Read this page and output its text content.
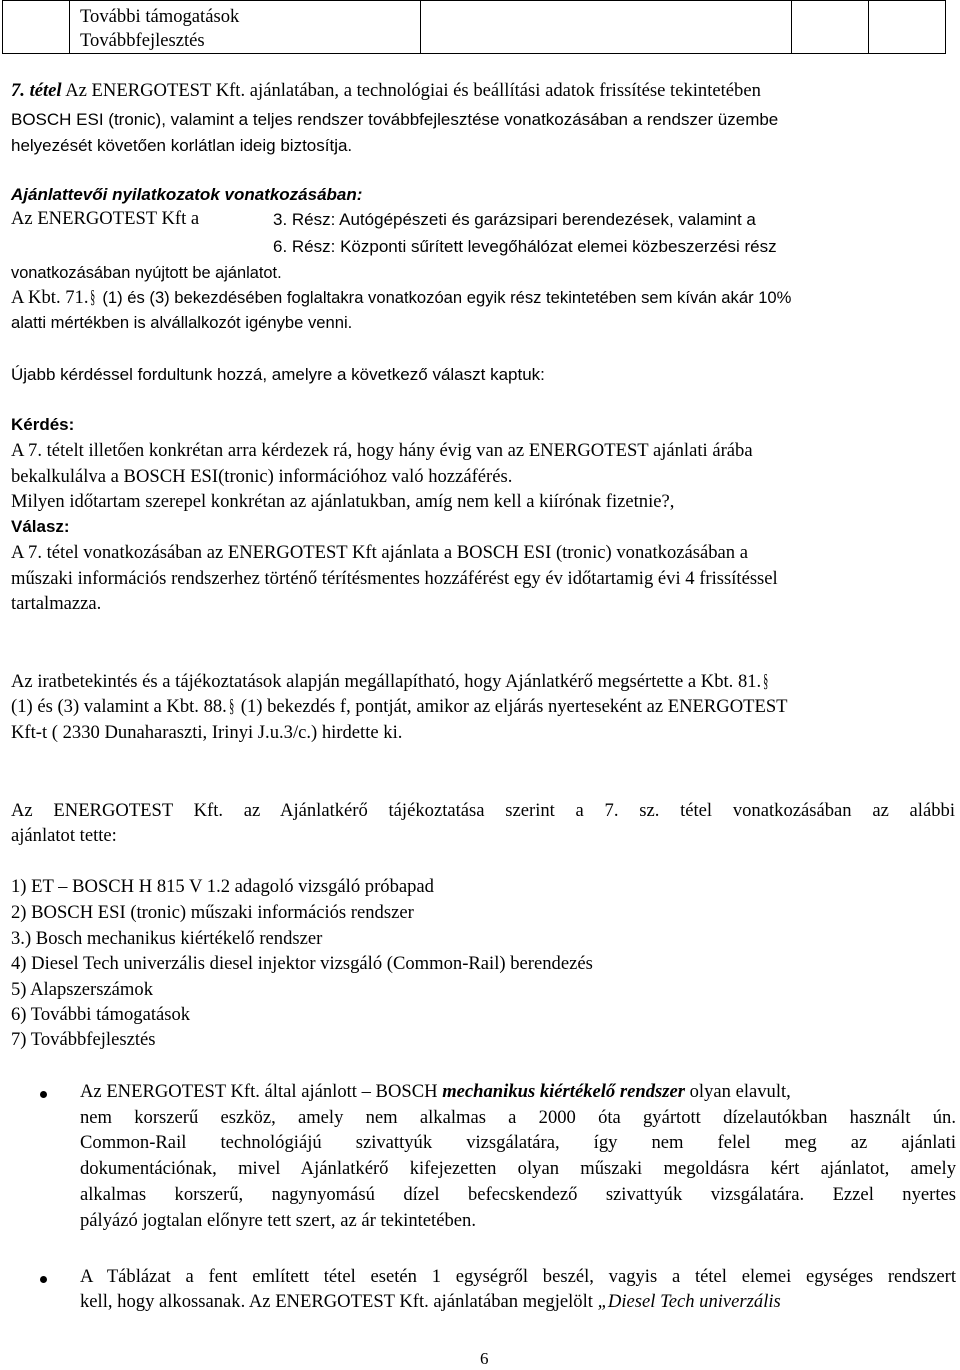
További támogatások
Továbbfejlesztés

7. tétel Az ENERGOTEST Kft. ajánlatában, a technológiai és beállítási adatok frissítése tekintetében
BOSCH ESI (tronic), valamint a teljes rendszer továbbfejlesztése vonatkozásában a rendszer üzembe
helyezését követően korlátlan ideig biztosítja.
Ajánlattevői nyilatkozatok vonatkozásában:
Az ENERGOTEST Kft a	3. Rész: Autógépészeti és garázsipari berendezések, valamint a
6. Rész: Központi sűrített levegőhálózat elemei közbeszerzési rész
vonatkozásában nyújtott be ajánlatot.
A Kbt. 71. § (1) és (3) bekezdésében foglaltakra vonatkozóan egyik rész tekintetében sem kíván akár 10%
alatti mértékben is alvállalkozót igénybe venni.
Újabb kérdéssel fordultunk hozzá, amelyre a következő választ kaptuk:
Kérdés:
A 7. tételt illetően konkrétan arra kérdezek rá, hogy hány évig van az ENERGOTEST ajánlati árába
bekalkulálva a BOSCH ESI(tronic) információhoz való hozzáférés.
Milyen időtartam szerepel konkrétan az ajánlatukban, amíg nem kell a kiírónak fizetnie?,
Válasz:
A 7. tétel vonatkozásában az ENERGOTEST Kft ajánlata a BOSCH ESI (tronic) vonatkozásában a
műszaki információs rendszerhez történő térítésmentes hozzáférést egy év időtartamig évi 4 frissítéssel
tartalmazza.
Az iratbetekintés és a tájékoztatások alapján megállapítható, hogy Ajánlatkérő megsértette a Kbt. 81. §
(1) és (3) valamint a Kbt. 88. § (1) bekezdés f, pontját, amikor az eljárás nyerteseként az ENERGOTEST
Kft-t ( 2330 Dunaharaszti, Irinyi J.u.3/c.) hirdette ki.
Az ENERGOTEST Kft. az Ajánlatkérő tájékoztatása szerint a 7. sz. tétel vonatkozásában az alábbi
ajánlatot tette:
1) ET – BOSCH H 815 V 1.2 adagoló vizsgáló próbapad
2) BOSCH ESI (tronic) műszaki információs rendszer
3.) Bosch mechanikus kiértékelő rendszer
4) Diesel Tech univerzális diesel injektor vizsgáló (Common-Rail) berendezés
5) Alapszerszámok
6) További támogatások
7) Továbbfejlesztés
Az ENERGOTEST Kft. által ajánlott – BOSCH mechanikus kiértékelő rendszer olyan elavult,
nem korszerű eszköz, amely nem alkalmas a 2000 óta gyártott dízelautókban használt ún.
Common-Rail technológiájú szivattyúk vizsgálatára, így nem felel meg az ajánlati
dokumentációnak, mivel Ajánlatkérő kifejezetten olyan műszaki megoldásra kért ajánlatot, amely
alkalmas korszerű, nagynyomású dízel befecskendező szivattyúk vizsgálatára. Ezzel nyertes
pályázó jogtalan előnyre tett szert, az ár tekintetében.
A Táblázat a fent említett tétel esetén 1 egységről beszél, vagyis a tétel elemei egységes rendszert
kell, hogy alkossanak. Az ENERGOTEST Kft. ajánlatában megjelölt „Diesel Tech univerzális
6
